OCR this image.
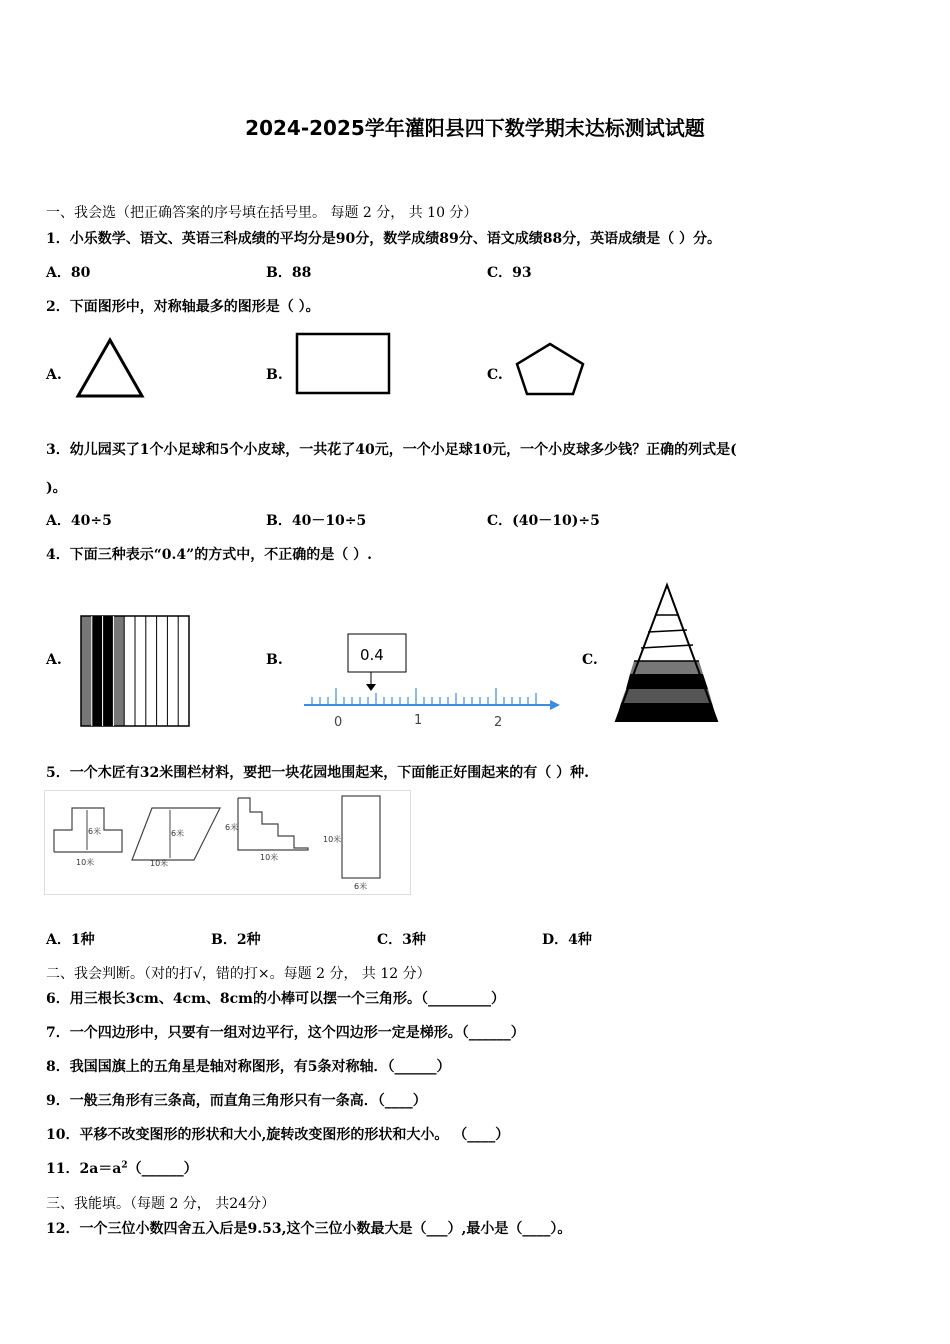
2024-2025学年灌阳县四下数学期末达标测试试题
一、我会选（把正确答案的序号填在括号里。 每题 2 分， 共 10 分）
1．小乐数学、语文、英语三科成绩的平均分是90分，数学成绩89分、语文成绩88分，英语成绩是（ ）分。
A．80	B．88	C．93
2．下面图形中，对称轴最多的图形是（ ）。
A.	B.	C.
3．幼儿园买了1个小足球和5个小皮球，一共花了40元，一个小足球10元，一个小皮球多少钱？正确的列式是(
)。
A．40÷5	B．40－10÷5	C．(40－10)÷5
4．下面三种表示“0.4”的方式中，不正确的是（ ）.
A.	B.	C.
0.4
0	1	2
5．一个木匠有32米围栏材料，要把一块花园地围起来，下面能正好围起来的有（ ）种.
6米
10米
6米
10米
6米
10米
10米
6米
A．1种	B．2种	C．3种	D．4种
二、我会判断。（对的打√，错的打×。每题 2 分， 共 12 分）
6．用三根长3cm、4cm、8cm的小棒可以摆一个三角形。（_________）
7．一个四边形中，只要有一组对边平行，这个四边形一定是梯形。（______）
8．我国国旗上的五角星是轴对称图形，有5条对称轴．（______）
9．一般三角形有三条高，而直角三角形只有一条高．（____）
10．平移不改变图形的形状和大小,旋转改变图形的形状和大小。 （____）
11．$2a=a^2(\_\_\_\_\_\_)$
三、我能填。（每题 2 分， 共24分）
12．一个三位小数四舍五入后是9.53,这个三位小数最大是（___）,最小是（____）。
